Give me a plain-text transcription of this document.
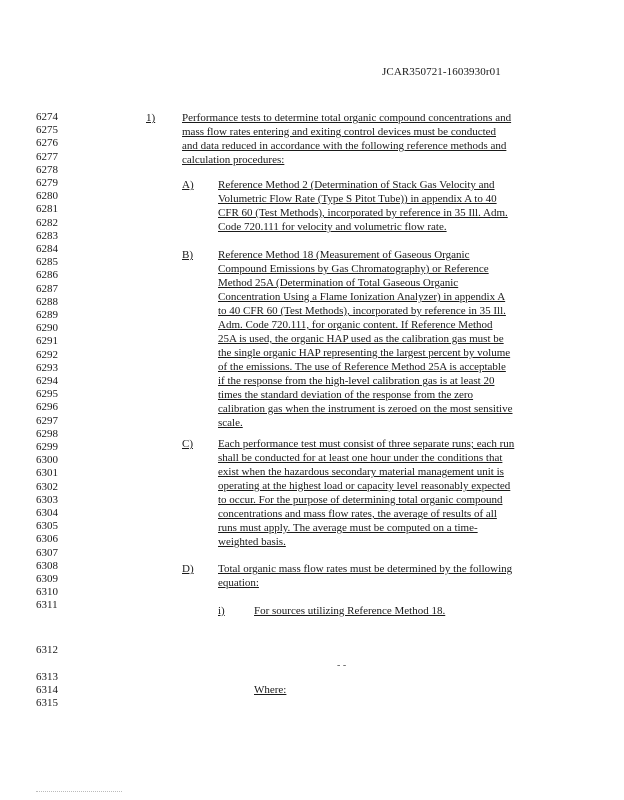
JCAR350721-1603930r01
6274
6275
6276
6277
6278
6279
6280
6281
6282
6283
6284
6285
6286
6287
6288
6289
6290
6291
6292
6293
6294
6295
6296
6297
6298
6299
6300
6301
6302
6303
6304
6305
6306
6307
6308
6309
6310
6311
6312
6313
6314
6315
1) Performance tests to determine total organic compound concentrations and
mass flow rates entering and exiting control devices must be conducted
and data reduced in accordance with the following reference methods and
calculation procedures:
A) Reference Method 2 (Determination of Stack Gas Velocity and
Volumetric Flow Rate (Type S Pitot Tube)) in appendix A to 40
CFR 60 (Test Methods), incorporated by reference in 35 Ill. Adm.
Code 720.111 for velocity and volumetric flow rate.
B) Reference Method 18 (Measurement of Gaseous Organic
Compound Emissions by Gas Chromatography) or Reference
Method 25A (Determination of Total Gaseous Organic
Concentration Using a Flame Ionization Analyzer) in appendix A
to 40 CFR 60 (Test Methods), incorporated by reference in 35 Ill.
Adm. Code 720.111, for organic content. If Reference Method
25A is used, the organic HAP used as the calibration gas must be
the single organic HAP representing the largest percent by volume
of the emissions. The use of Reference Method 25A is acceptable
if the response from the high-level calibration gas is at least 20
times the standard deviation of the response from the zero
calibration gas when the instrument is zeroed on the most sensitive
scale.
C) Each performance test must consist of three separate runs; each run
shall be conducted for at least one hour under the conditions that
exist when the hazardous secondary material management unit is
operating at the highest load or capacity level reasonably expected
to occur. For the purpose of determining total organic compound
concentrations and mass flow rates, the average of results of all
runs must apply. The average must be computed on a time-
weighted basis.
D) Total organic mass flow rates must be determined by the following
equation:
i)	For sources utilizing Reference Method 18.
- -
Where:
